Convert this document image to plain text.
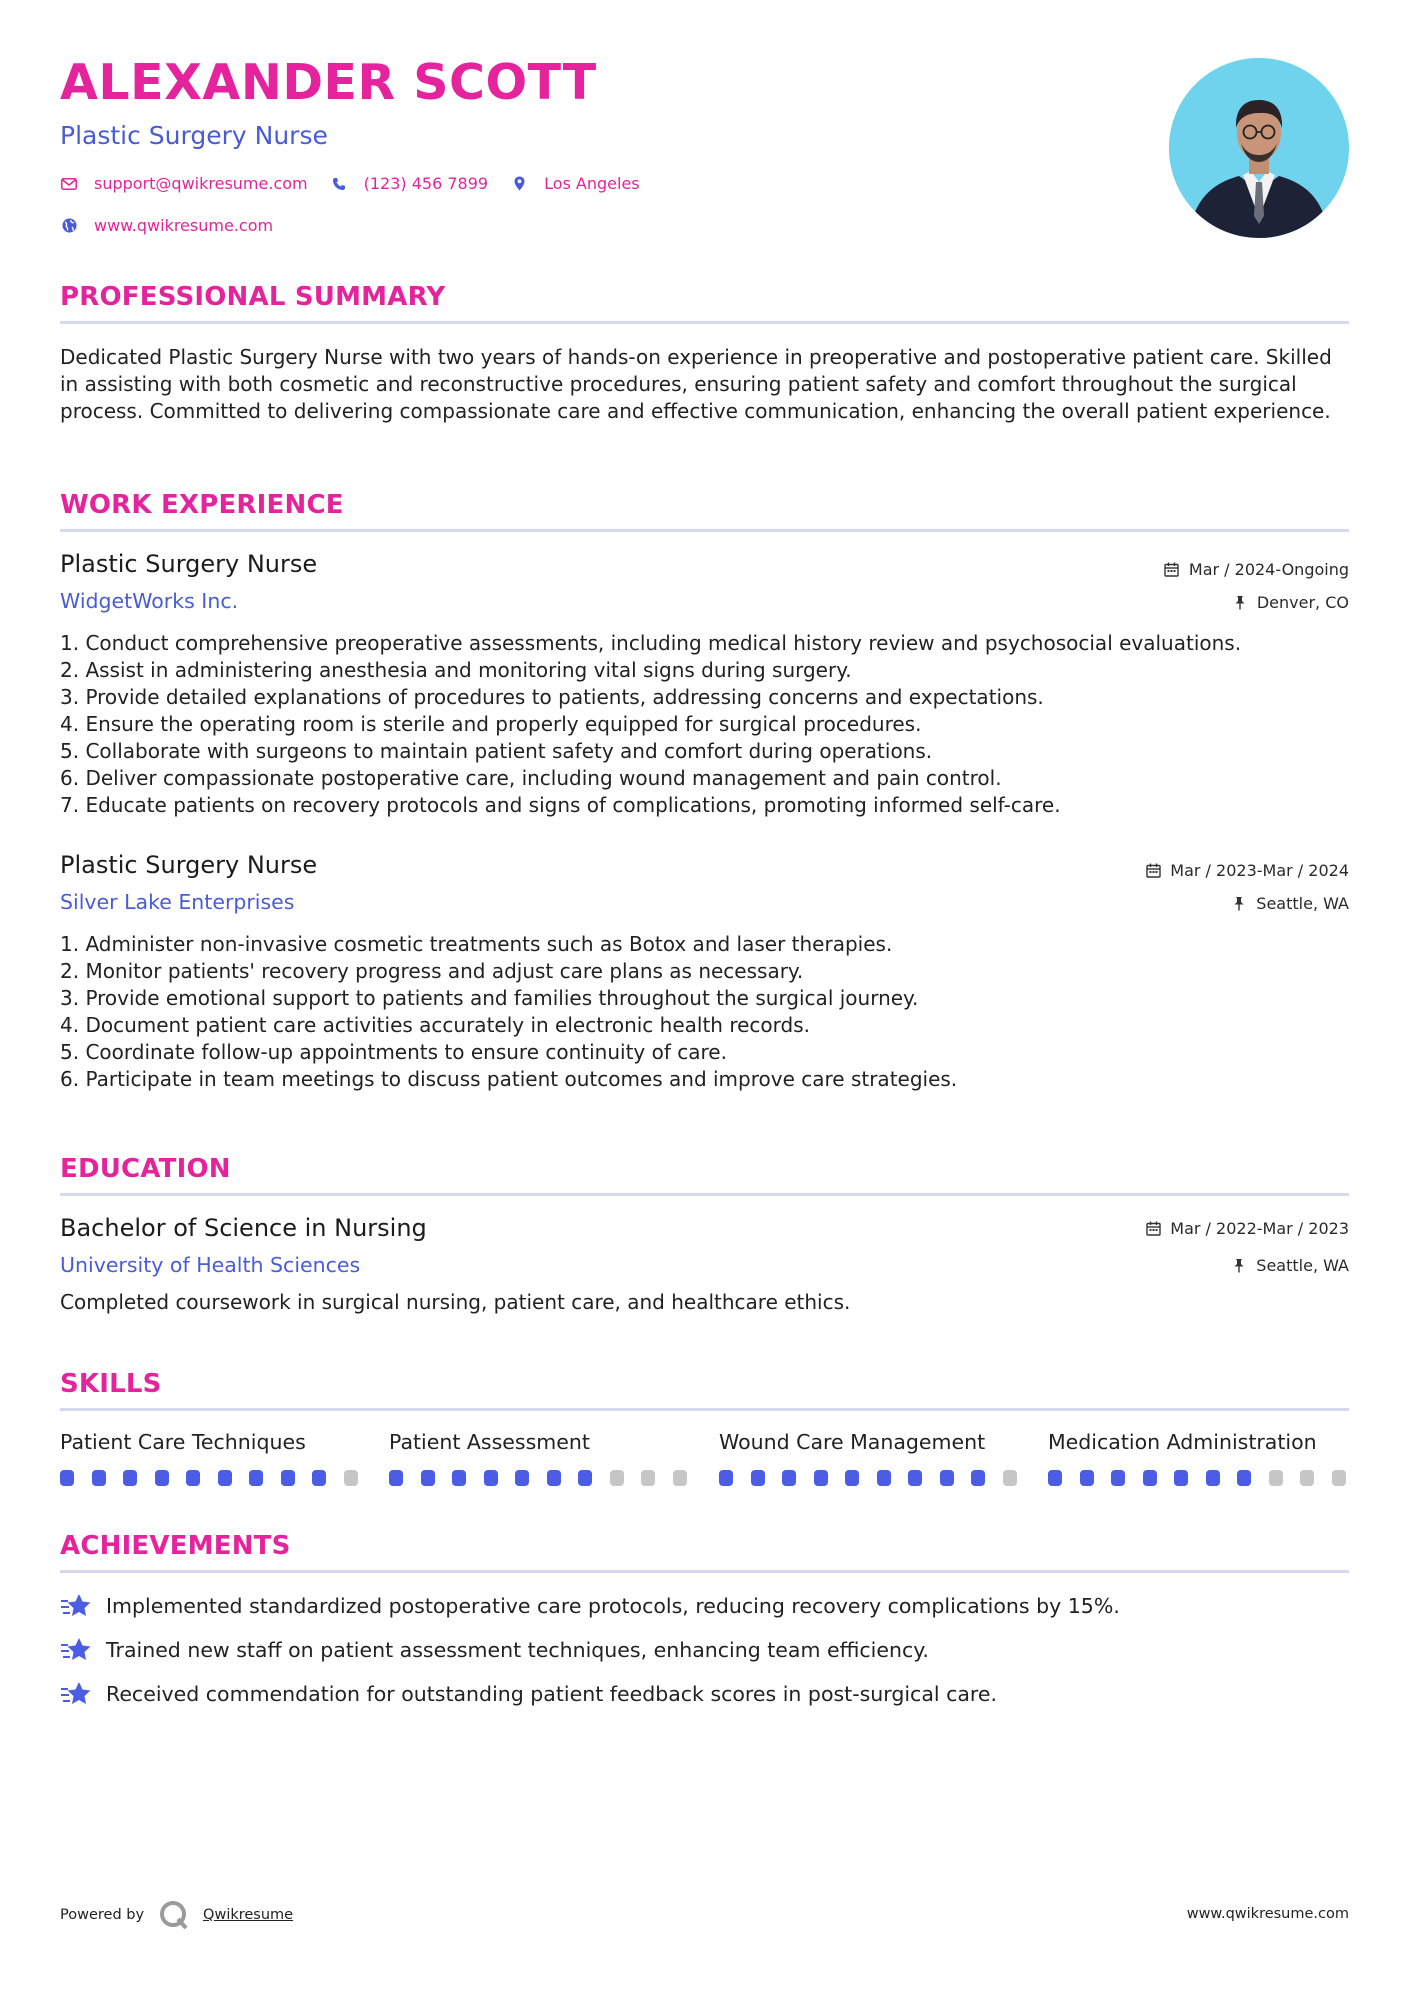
ALEXANDER SCOTT

Plastic Surgery Nurse

support@qwikresume.com	(123) 456 7899	Los Angeles
www.qwikresume.com
PROFESSIONAL SUMMARY

Dedicated Plastic Surgery Nurse with two years of hands-on experience in preoperative and postoperative patient care. Skilled in assisting with both cosmetic and reconstructive procedures, ensuring patient safety and comfort throughout the surgical process. Committed to delivering compassionate care and effective communication, enhancing the overall patient experience.

WORK EXPERIENCE

Plastic Surgery Nurse

WidgetWorks Inc.

Mar / 2024-Ongoing
Denver, CO
1. Conduct comprehensive preoperative assessments, including medical history review and psychosocial evaluations.
2. Assist in administering anesthesia and monitoring vital signs during surgery.
3. Provide detailed explanations of procedures to patients, addressing concerns and expectations.
4. Ensure the operating room is sterile and properly equipped for surgical procedures.
5. Collaborate with surgeons to maintain patient safety and comfort during operations.
6. Deliver compassionate postoperative care, including wound management and pain control.
7. Educate patients on recovery protocols and signs of complications, promoting informed self-care.

Plastic Surgery Nurse

Silver Lake Enterprises

Mar / 2023-Mar / 2024
Seattle, WA
1. Administer non-invasive cosmetic treatments such as Botox and laser therapies.
2. Monitor patients' recovery progress and adjust care plans as necessary.
3. Provide emotional support to patients and families throughout the surgical journey.
4. Document patient care activities accurately in electronic health records.
5. Coordinate follow-up appointments to ensure continuity of care.
6. Participate in team meetings to discuss patient outcomes and improve care strategies.
EDUCATION

Bachelor of Science in Nursing

University of Health Sciences

Mar / 2022-Mar / 2023
Seattle, WA

Completed coursework in surgical nursing, patient care, and healthcare ethics.

SKILLS

Patient Care Techniques	Patient Assessment	Wound Care Management	Medication Administration

ACHIEVEMENTS
Implemented standardized postoperative care protocols, reducing recovery complications by 15%.
Trained new staff on patient assessment techniques, enhancing team efficiency.
Received commendation for outstanding patient feedback scores in post-surgical care.
Powered by	Qwikresume	www.qwikresume.com
